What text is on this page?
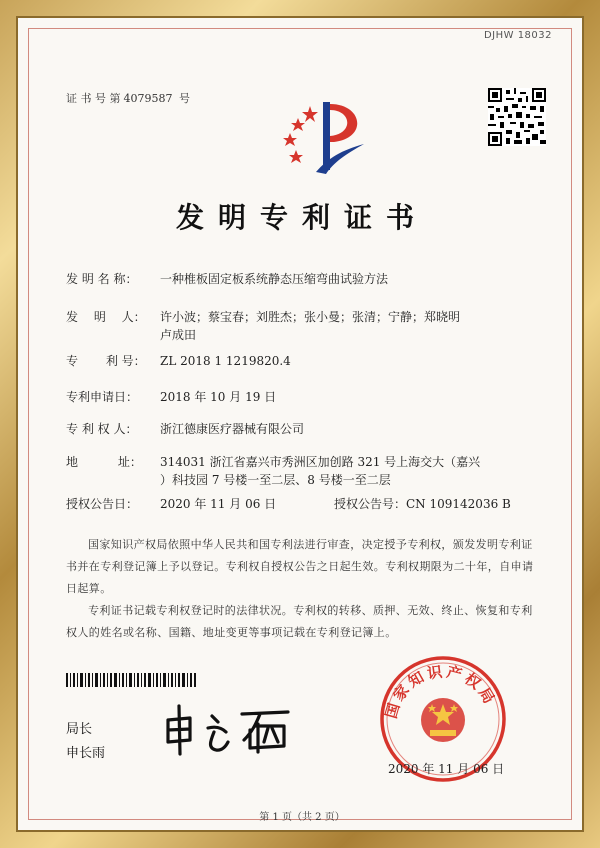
DJHW 18032
证 书 号 第 4079587 号
发明专利证书
发 明 名 称： 一种椎板固定板系统静态压缩弯曲试验方法
发　 明　 人： 许小波；蔡宝春；刘胜杰；张小曼；张清；宁静；郑晓明
卢成田
专　　 利 号： ZL 2018 1 1219820.4
专利申请日： 2018 年 10 月 19 日
专 利 权 人： 浙江德康医疗器械有限公司
地　　　 址： 314031 浙江省嘉兴市秀洲区加创路 321 号上海交大（嘉兴
）科技园 7 号楼一至二层、8 号楼一至二层
授权公告日： 2020 年 11 月 06 日	授权公告号： CN 109142036 B
国家知识产权局依照中华人民共和国专利法进行审查，决定授予专利权，颁发发明专利证书并在专利登记簿上予以登记。专利权自授权公告之日起生效。专利权期限为二十年，自申请日起算。
专利证书记载专利权登记时的法律状况。专利权的转移、质押、无效、终止、恢复和专利权人的姓名或名称、国籍、地址变更等事项记载在专利登记簿上。
局长
申长雨
国家知识产权局
2020 年 11 月 06 日
第 1 页（共 2 页）
